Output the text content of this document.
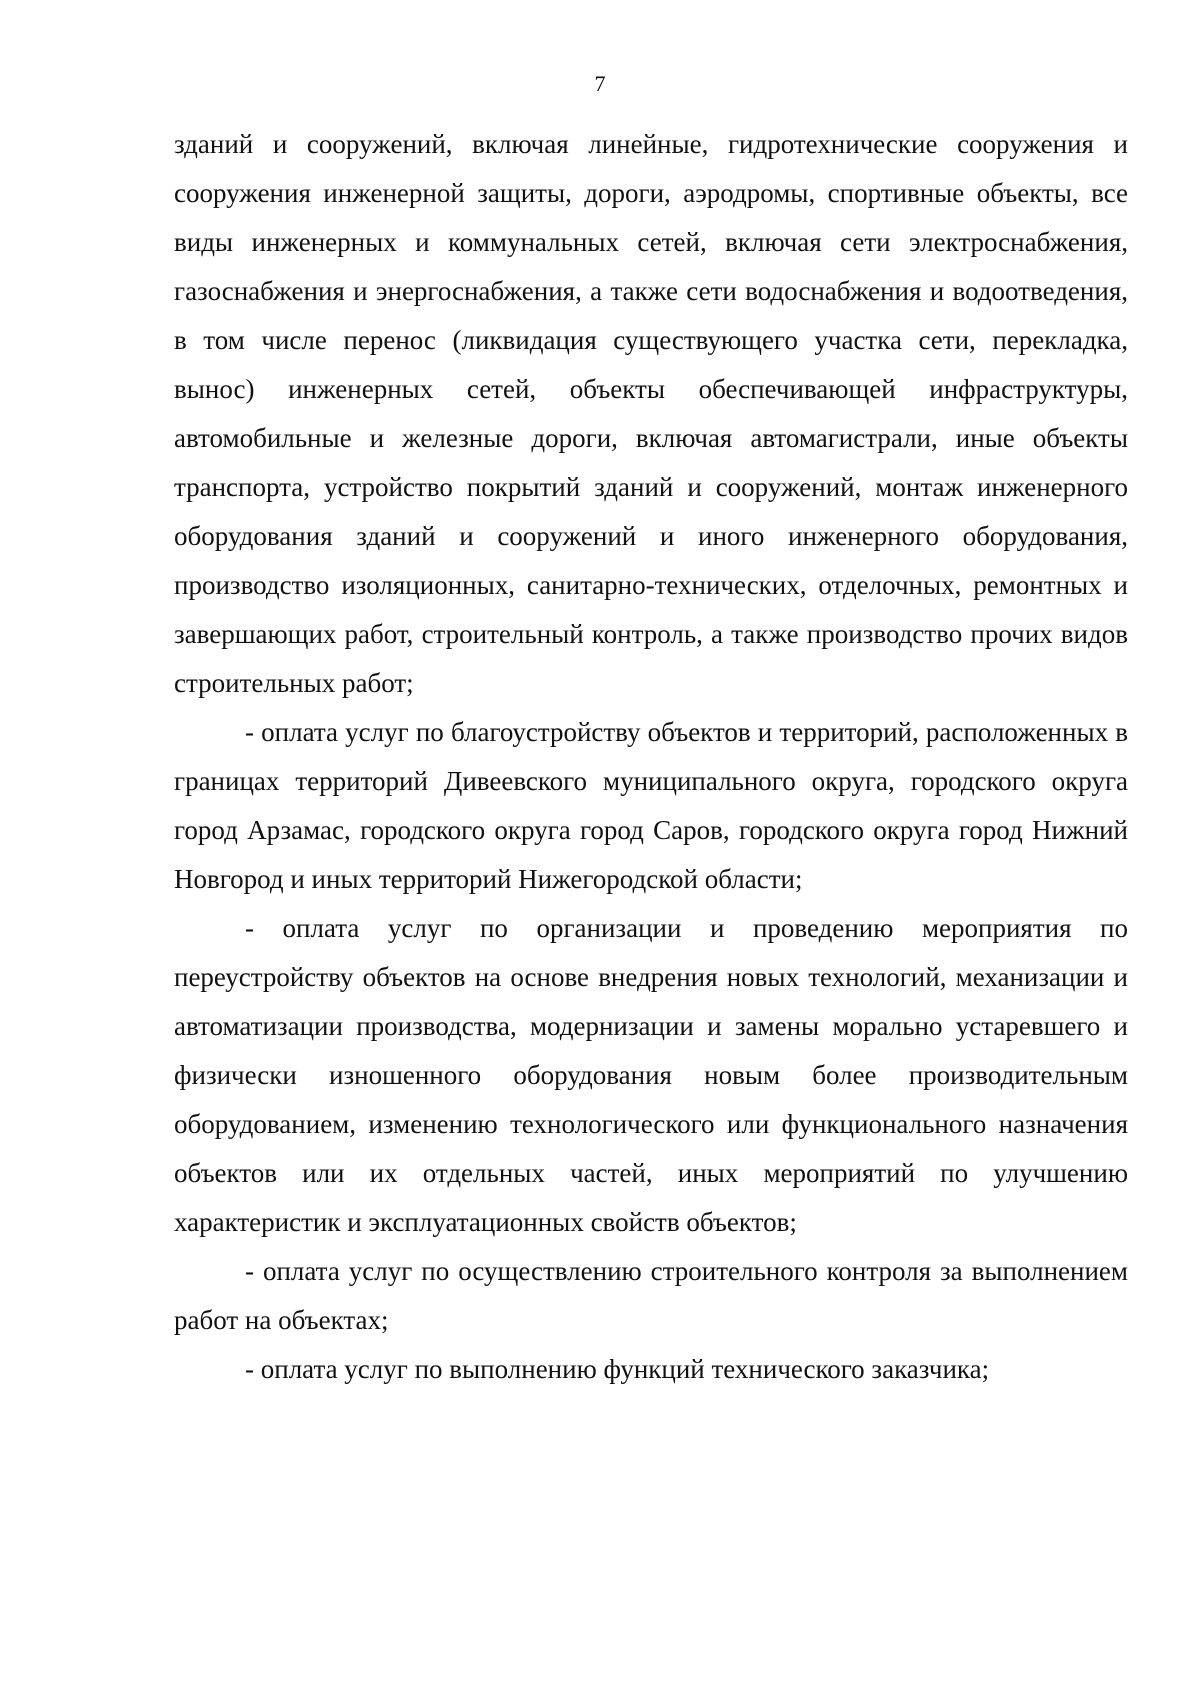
7

зданий и сооружений, включая линейные, гидротехнические сооружения и сооружения инженерной защиты, дороги, аэродромы, спортивные объекты, все виды инженерных и коммунальных сетей, включая сети электроснабжения, газоснабжения и энергоснабжения, а также сети водоснабжения и водоотведения, в том числе перенос (ликвидация существующего участка сети, перекладка, вынос) инженерных сетей, объекты обеспечивающей инфраструктуры, автомобильные и железные дороги, включая автомагистрали, иные объекты транспорта, устройство покрытий зданий и сооружений, монтаж инженерного оборудования зданий и сооружений и иного инженерного оборудования, производство изоляционных, санитарно-технических, отделочных, ремонтных и завершающих работ, строительный контроль, а также производство прочих видов строительных работ;

- оплата услуг по благоустройству объектов и территорий, расположенных в границах территорий Дивеевского муниципального округа, городского округа город Арзамас, городского округа город Саров, городского округа город Нижний Новгород и иных территорий Нижегородской области;

- оплата услуг по организации и проведению мероприятия по переустройству объектов на основе внедрения новых технологий, механизации и автоматизации производства, модернизации и замены морально устаревшего и физически изношенного оборудования новым более производительным оборудованием, изменению технологического или функционального назначения объектов или их отдельных частей, иных мероприятий по улучшению характеристик и эксплуатационных свойств объектов;

- оплата услуг по осуществлению строительного контроля за выполнением работ на объектах;

- оплата услуг по выполнению функций технического заказчика;
